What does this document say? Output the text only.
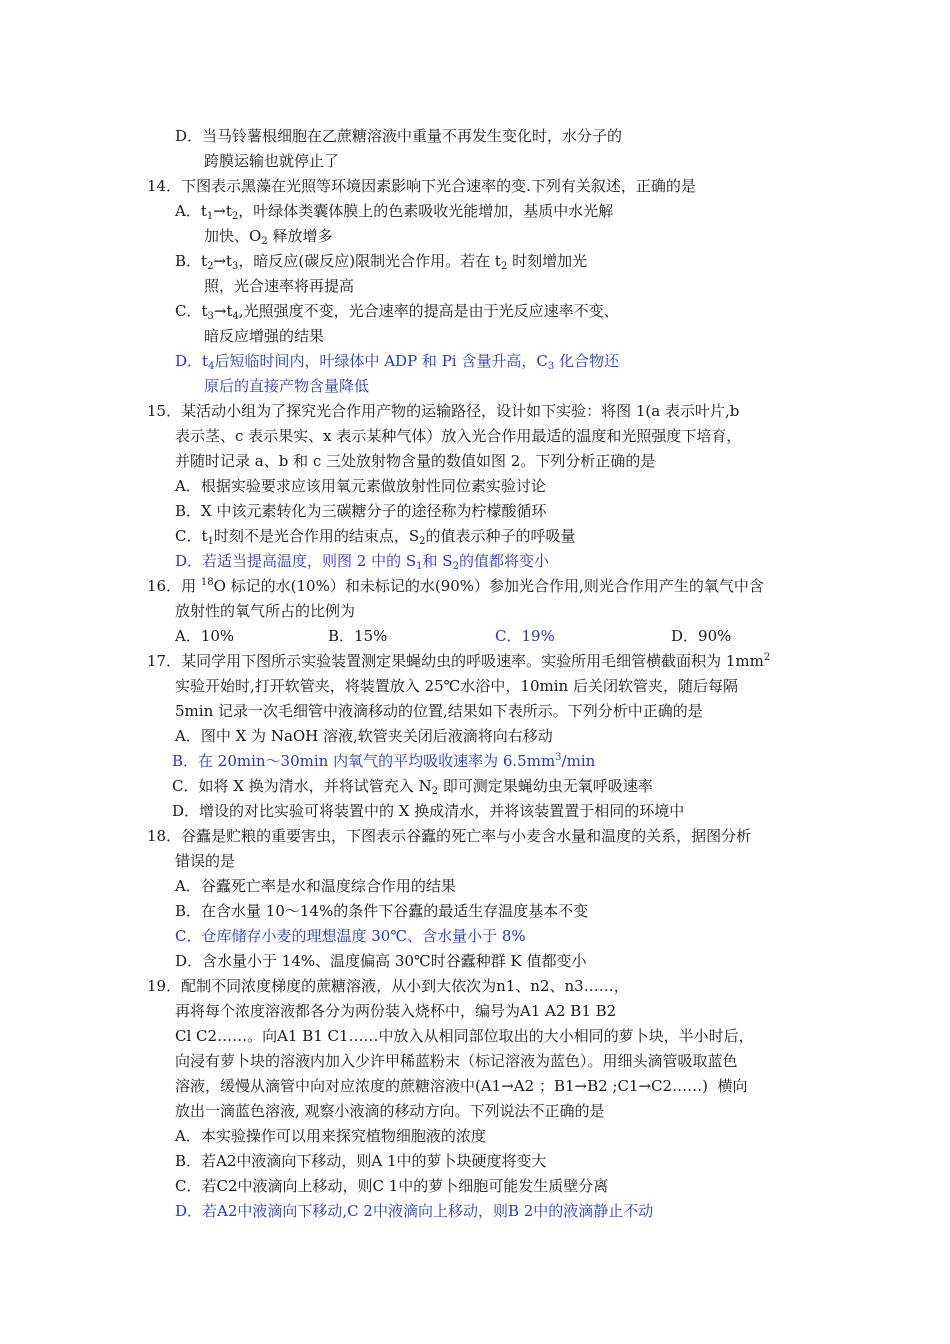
D．当马铃薯根细胞在乙蔗糖溶液中重量不再发生变化时，水分子的
跨膜运输也就停止了
14．下图表示黑藻在光照等环境因素影响下光合速率的变.下列有关叙述，正确的是
A．$t_1\to t_2$，叶绿体类囊体膜上的色素吸收光能增加，基质中水光解
加快、$O_2$ 释放增多
B．$t_2\to t_3$，暗反应(碳反应)限制光合作用。若在 $t_2$ 时刻增加光
照，光合速率将再提高
C．$t_3\to t_4$,光照强度不变，光合速率的提高是由于光反应速率不变、
暗反应增强的结果
D．$t_4$后短临时间内，叶绿体中 ADP 和 Pi 含量升高，$C_3$ 化合物还
原后的直接产物含量降低
15．某活动小组为了探究光合作用产物的运输路径，设计如下实验：将图 1(a 表示叶片,b
表示茎、c 表示果实、x 表示某种气体）放入光合作用最适的温度和光照强度下培育，
并随时记录 a、b 和 c 三处放射物含量的数值如图 2。下列分析正确的是
A．根据实验要求应该用氧元素做放射性同位素实验讨论
B．X 中该元素转化为三碳糖分子的途径称为柠檬酸循环
C．$t_1$时刻不是光合作用的结束点，$S_2$的值表示种子的呼吸量
D．若适当提高温度，则图 2 中的 $S_1$和 $S_2$的值都将变小
16．用 $^{18}$O 标记的水(10%）和未标记的水(90%）参加光合作用,则光合作用产生的氧气中含
放射性的氧气所占的比例为
A．10%	B．15%	C．19%	D．90%
17．某同学用下图所示实验装置测定果蝇幼虫的呼吸速率。实验所用毛细管横截面积为 $1mm^2$
实验开始时,打开软管夹，将装置放入 25℃水浴中，10min 后关闭软管夹，随后每隔
5min 记录一次毛细管中液滴移动的位置,结果如下表所示。下列分析中正确的是
A．图中 X 为 NaOH 溶液,软管夹关闭后液滴将向右移动
B．在 20min～30min 内氧气的平均吸收速率为 $6.5mm^3/\min$
C．如将 X 换为清水，并将试管充入 $N_2$ 即可测定果蝇幼虫无氧呼吸速率
D．增设的对比实验可将装置中的 X 换成清水，并将该装置置于相同的环境中
18．谷蠹是贮粮的重要害虫，下图表示谷蠹的死亡率与小麦含水量和温度的关系，据图分析
错误的是
A．谷蠹死亡率是水和温度综合作用的结果
B．在含水量 10～14%的条件下谷蠹的最适生存温度基本不变
C．仓库储存小麦的理想温度 30℃、含水量小于 8%
D．含水量小于 14%、温度偏高 30℃时谷蠹种群 K 值都变小
19．配制不同浓度梯度的蔗糖溶液，从小到大依次为n1、n2、n3……，
再将每个浓度溶液都各分为两份装入烧杯中，编号为A1 A2 B1 B2
Cl C2……。向A1 B1 C1……中放入从相同部位取出的大小相同的萝卜块，半小时后，
向浸有萝卜块的溶液内加入少许甲稀蓝粉末（标记溶液为蓝色）。用细头滴管吸取蓝色
溶液，缓慢从滴管中向对应浓度的蔗糖溶液中(A1→A2 ；B1→B2 ;C1→C2……)  横向
放出一滴蓝色溶液, 观察小液滴的移动方向。下列说法不正确的是
A．本实验操作可以用来探究植物细胞液的浓度
B．若A2中液滴向下移动，则A 1中的萝卜块硬度将变大
C．若C2中液滴向上移动，则C 1中的萝卜细胞可能发生质壁分离
D．若A2中液滴向下移动,C 2中液滴向上移动，则B 2中的液滴静止不动
